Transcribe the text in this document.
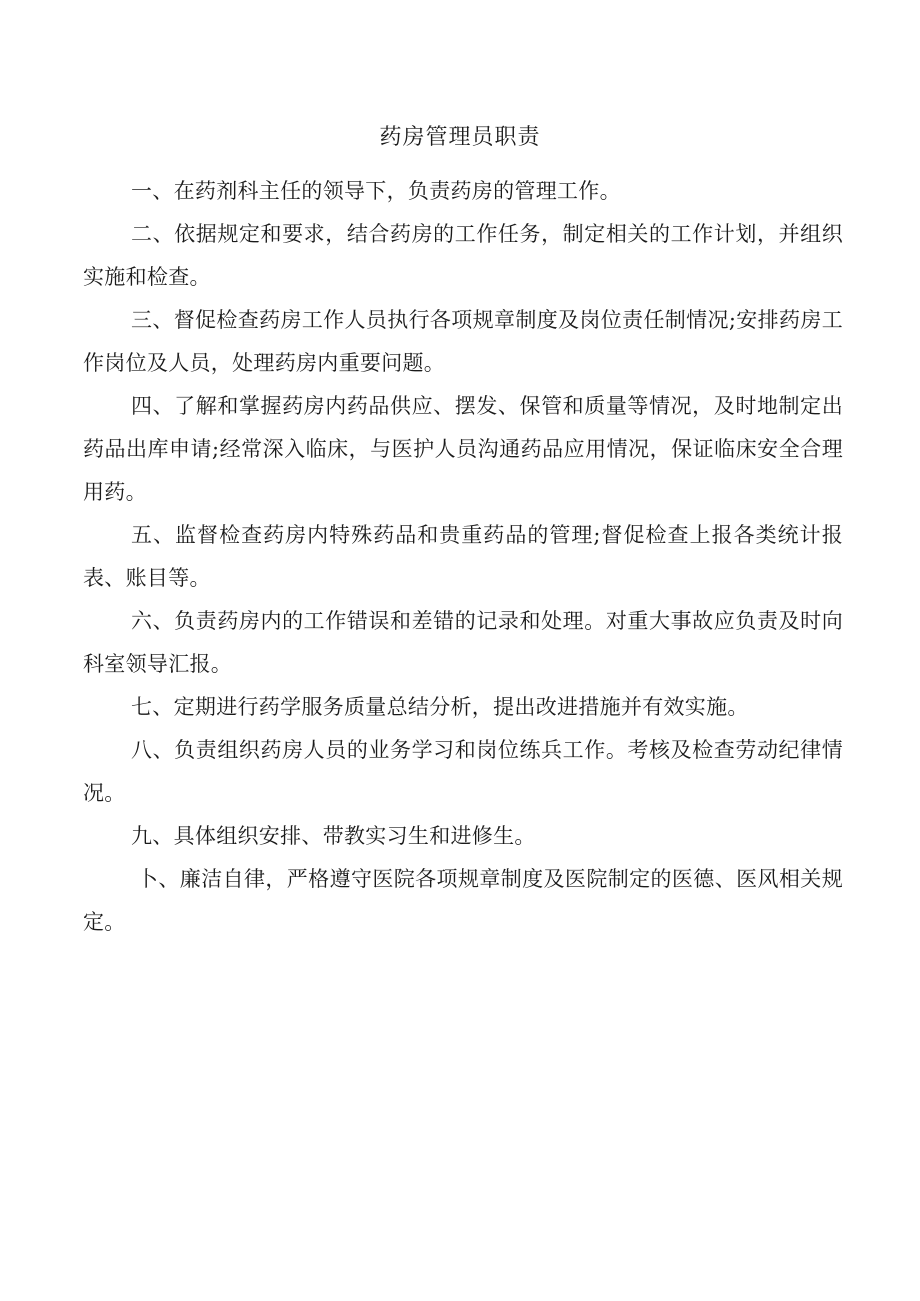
药房管理员职责

一、在药剂科主任的领导下，负责药房的管理工作。

二、依据规定和要求，结合药房的工作任务，制定相关的工作计划，并组织实施和检查。

三、督促检查药房工作人员执行各项规章制度及岗位责任制情况;安排药房工作岗位及人员，处理药房内重要问题。

四、了解和掌握药房内药品供应、摆发、保管和质量等情况，及时地制定出药品出库申请;经常深入临床，与医护人员沟通药品应用情况，保证临床安全合理用药。

五、监督检查药房内特殊药品和贵重药品的管理;督促检查上报各类统计报表、账目等。

六、负责药房内的工作错误和差错的记录和处理。对重大事故应负责及时向科室领导汇报。

七、定期进行药学服务质量总结分析，提出改进措施并有效实施。

八、负责组织药房人员的业务学习和岗位练兵工作。考核及检查劳动纪律情况。

九、具体组织安排、带教实习生和进修生。

卜、廉洁自律，严格遵守医院各项规章制度及医院制定的医德、医风相关规定。
